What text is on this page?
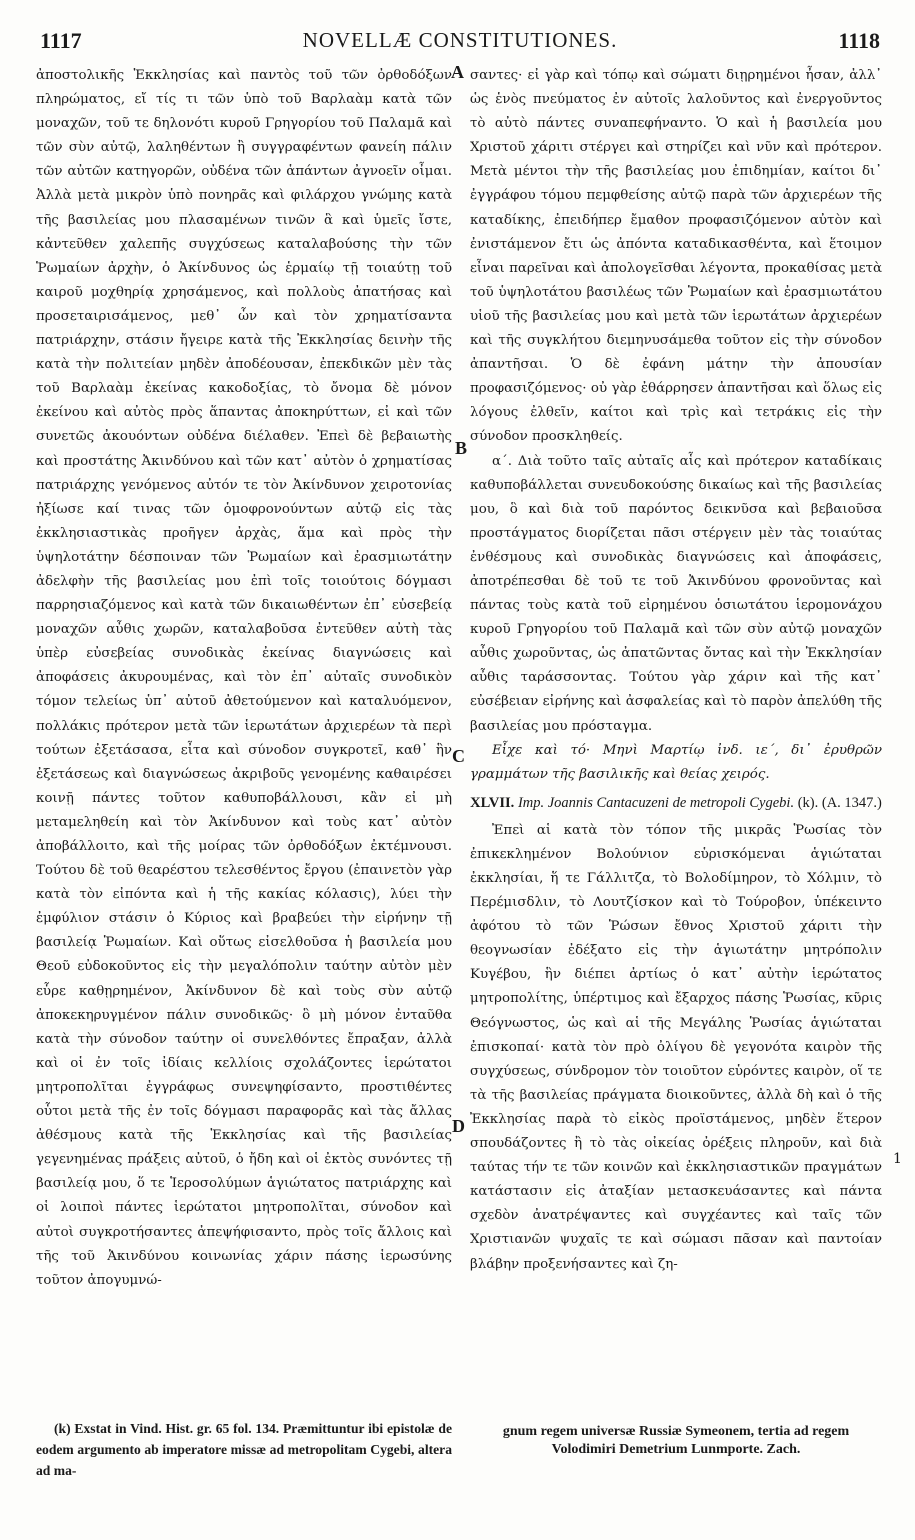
1117	NOVELLÆ CONSTITUTIONES.	1118
A
B
C
D

ἀποστολικῆς Ἐκκλησίας καὶ παντὸς τοῦ τῶν ὀρθοδόξων πληρώματος, εἴ τίς τι τῶν ὑπὸ τοῦ Βαρλαὰμ κατὰ τῶν μοναχῶν, τοῦ τε δηλονότι κυροῦ Γρηγορίου τοῦ Παλαμᾶ καὶ τῶν σὺν αὐτῷ, λαληθέντων ἢ συγγραφέντων φανείη πάλιν τῶν αὐτῶν κατηγορῶν, οὐδένα τῶν ἁπάντων ἀγνοεῖν οἶμαι. Ἀλλὰ μετὰ μικρὸν ὑπὸ πονηρᾶς καὶ φιλάρχου γνώμης κατὰ τῆς βασιλείας μου πλασαμένων τινῶν ἃ καὶ ὑμεῖς ἴστε, κἀντεῦθεν χαλεπῆς συγχύσεως καταλαβούσης τὴν τῶν Ῥωμαίων ἀρχὴν, ὁ Ἀκίνδυνος ὡς ἑρμαίῳ τῇ τοιαύτῃ τοῦ καιροῦ μοχθηρίᾳ χρησάμενος, καὶ πολλοὺς ἀπατήσας καὶ προσεταιρισάμενος, μεθ᾽ ὧν καὶ τὸν χρηματίσαντα πατριάρχην, στάσιν ἤγειρε κατὰ τῆς Ἐκκλησίας δεινὴν τῆς κατὰ τὴν πολιτείαν μηδὲν ἀποδέουσαν, ἐπεκδικῶν μὲν τὰς τοῦ Βαρλαὰμ ἐκείνας κακοδοξίας, τὸ ὄνομα δὲ μόνον ἐκείνου καὶ αὐτὸς πρὸς ἅπαντας ἀποκηρύττων, εἰ καὶ τῶν συνετῶς ἀκουόντων οὐδένα διέλαθεν. Ἐπεὶ δὲ βεβαιωτὴς καὶ προστάτης Ἀκινδύνου καὶ τῶν κατ᾽ αὐτὸν ὁ χρηματίσας πατριάρχης γενόμενος αὐτόν τε τὸν Ἀκίνδυνον χειροτονίας ἠξίωσε καί τινας τῶν ὁμοφρονούντων αὐτῷ εἰς τὰς ἐκκλησιαστικὰς προῆγεν ἀρχὰς, ἅμα καὶ πρὸς τὴν ὑψηλοτάτην δέσποιναν τῶν Ῥωμαίων καὶ ἐρασμιωτάτην ἀδελφὴν τῆς βασιλείας μου ἐπὶ τοῖς τοιούτοις δόγμασι παρρησιαζόμενος καὶ κατὰ τῶν δικαιωθέντων ἐπ᾽ εὐσεβείᾳ μοναχῶν αὖθις χωρῶν, καταλαβοῦσα ἐντεῦθεν αὐτὴ τὰς ὑπὲρ εὐσεβείας συνοδικὰς ἐκείνας διαγνώσεις καὶ ἀποφάσεις ἀκυρουμένας, καὶ τὸν ἐπ᾽ αὐταῖς συνοδικὸν τόμον τελείως ὑπ᾽ αὐτοῦ ἀθετούμενον καὶ καταλυόμενον, πολλάκις πρότερον μετὰ τῶν ἱερωτάτων ἀρχιερέων τὰ περὶ τούτων ἐξετάσασα, εἶτα καὶ σύνοδον συγκροτεῖ, καθ᾽ ἣν ἐξετάσεως καὶ διαγνώσεως ἀκριβοῦς γενομένης καθαιρέσει κοινῇ πάντες τοῦτον καθυποβάλλουσι, κἂν εἰ μὴ μεταμεληθείη καὶ τὸν Ἀκίνδυνον καὶ τοὺς κατ᾽ αὐτὸν ἀποβάλλοιτο, καὶ τῆς μοίρας τῶν ὀρθοδόξων ἐκτέμνουσι. Τούτου δὲ τοῦ θεαρέστου τελεσθέντος ἔργου (ἐπαινετὸν γὰρ κατὰ τὸν εἰπόντα καὶ ἡ τῆς κακίας κόλασις), λύει τὴν ἐμφύλιον στάσιν ὁ Κύριος καὶ βραβεύει τὴν εἰρήνην τῇ βασιλείᾳ Ῥωμαίων. Καὶ οὕτως εἰσελθοῦσα ἡ βασιλεία μου Θεοῦ εὐδοκοῦντος εἰς τὴν μεγαλόπολιν ταύτην αὐτὸν μὲν εὗρε καθῃρημένον, Ἀκίνδυνον δὲ καὶ τοὺς σὺν αὐτῷ ἀποκεκηρυγμένον πάλιν συνοδικῶς· ὃ μὴ μόνον ἐνταῦθα κατὰ τὴν σύνοδον ταύτην οἱ συνελθόντες ἔπραξαν, ἀλλὰ καὶ οἱ ἐν τοῖς ἰδίαις κελλίοις σχολάζοντες ἱερώτατοι μητροπολῖται ἐγγράφως συνεψηφίσαντο, προστιθέντες οὗτοι μετὰ τῆς ἐν τοῖς δόγμασι παραφορᾶς καὶ τὰς ἄλλας ἀθέσμους κατὰ τῆς Ἐκκλησίας καὶ τῆς βασιλείας γεγενημένας πράξεις αὐτοῦ, ὁ ἤδη καὶ οἱ ἐκτὸς συνόντες τῇ βασιλείᾳ μου, ὅ τε Ἱεροσολύμων ἁγιώτατος πατριάρχης καὶ οἱ λοιποὶ πάντες ἱερώτατοι μητροπολῖται, σύνοδον καὶ αὐτοὶ συγκροτήσαντες ἀπεψήφισαντο, πρὸς τοῖς ἄλλοις καὶ τῆς τοῦ Ἀκινδύνου κοινωνίας χάριν πάσης ἱερωσύνης τοῦτον ἀπογυμνώ-

(k) Exstat in Vind. Hist. gr. 65 fol. 134. Præmittuntur ibi epistolæ de eodem argumento ab imperatore missæ ad metropolitam Cygebi, altera ad ma-

σαντες· εἰ γὰρ καὶ τόπῳ καὶ σώματι διῃρημένοι ἦσαν, ἀλλ᾽ ὡς ἑνὸς πνεύματος ἐν αὐτοῖς λαλοῦντος καὶ ἐνεργοῦντος τὸ αὐτὸ πάντες συναπεφήναντο. Ὁ καὶ ἡ βασιλεία μου Χριστοῦ χάριτι στέργει καὶ στηρίζει καὶ νῦν καὶ πρότερον. Μετὰ μέντοι τὴν τῆς βασιλείας μου ἐπιδημίαν, καίτοι δι᾽ ἐγγράφου τόμου πεμφθείσης αὐτῷ παρὰ τῶν ἀρχιερέων τῆς καταδίκης, ἐπειδήπερ ἔμαθον προφασιζόμενον αὐτὸν καὶ ἐνιστάμενον ἔτι ὡς ἀπόντα καταδικασθέντα, καὶ ἕτοιμον εἶναι παρεῖναι καὶ ἀπολογεῖσθαι λέγοντα, προκαθίσας μετὰ τοῦ ὑψηλοτάτου βασιλέως τῶν Ῥωμαίων καὶ ἐρασμιωτάτου υἱοῦ τῆς βασιλείας μου καὶ μετὰ τῶν ἱερωτάτων ἀρχιερέων καὶ τῆς συγκλήτου διεμηνυσάμεθα τοῦτον εἰς τὴν σύνοδον ἀπαντῆσαι. Ὁ δὲ ἐφάνη μάτην τὴν ἀπουσίαν προφασιζόμενος· οὐ γὰρ ἐθάρρησεν ἀπαντῆσαι καὶ ὅλως εἰς λόγους ἐλθεῖν, καίτοι καὶ τρὶς καὶ τετράκις εἰς τὴν σύνοδον προσκληθείς.

α΄. Διὰ τοῦτο ταῖς αὐταῖς αἷς καὶ πρότερον καταδίκαις καθυποβάλλεται συνευδοκούσης δικαίως καὶ τῆς βασιλείας μου, ὃ καὶ διὰ τοῦ παρόντος δεικνῦσα καὶ βεβαιοῦσα προστάγματος διορίζεται πᾶσι στέργειν μὲν τὰς τοιαύτας ἐνθέσμους καὶ συνοδικὰς διαγνώσεις καὶ ἀποφάσεις, ἀποτρέπεσθαι δὲ τοῦ τε τοῦ Ἀκινδύνου φρονοῦντας καὶ πάντας τοὺς κατὰ τοῦ εἰρημένου ὁσιωτάτου ἱερομονάχου κυροῦ Γρηγορίου τοῦ Παλαμᾶ καὶ τῶν σὺν αὐτῷ μοναχῶν αὖθις χωροῦντας, ὡς ἀπατῶντας ὄντας καὶ τὴν Ἐκκλησίαν αὖθις ταράσσοντας. Τούτου γὰρ χάριν καὶ τῆς κατ᾽ εὐσέβειαν εἰρήνης καὶ ἀσφαλείας καὶ τὸ παρὸν ἀπελύθη τῆς βασιλείας μου πρόσταγμα.

Εἶχε καὶ τό· Μηνὶ Μαρτίῳ ἰνδ. ιε΄, δι᾽ ἐρυθρῶν γραμμάτων τῆς βασιλικῆς καὶ θείας χειρός.

XLVII. Imp. Joannis Cantacuzeni de metropoli Cygebi. (k). (A. 1347.)

Ἐπεὶ αἱ κατὰ τὸν τόπον τῆς μικρᾶς Ῥωσίας τὸν ἐπικεκλημένον Βολούνιον εὑρισκόμεναι ἁγιώταται ἐκκλησίαι, ἥ τε Γάλλιτζα, τὸ Βολοδίμηρον, τὸ Χόλμιν, τὸ Περέμισδλιν, τὸ Λουτζίσκον καὶ τὸ Τούροβον, ὑπέκειντο ἀφότου τὸ τῶν Ῥώσων ἔθνος Χριστοῦ χάριτι τὴν θεογνωσίαν ἐδέξατο εἰς τὴν ἁγιωτάτην μητρόπολιν Κυγέβου, ἣν διέπει ἀρτίως ὁ κατ᾽ αὐτὴν ἱερώτατος μητροπολίτης, ὑπέρτιμος καὶ ἔξαρχος πάσης Ῥωσίας, κῦρις Θεόγνωστος, ὡς καὶ αἱ τῆς Μεγάλης Ῥωσίας ἁγιώταται ἐπισκοπαί· κατὰ τὸν πρὸ ὀλίγου δὲ γεγονότα καιρὸν τῆς συγχύσεως, σύνδρομον τὸν τοιοῦτον εὑρόντες καιρὸν, οἵ τε τὰ τῆς βασιλείας πράγματα διοικοῦντες, ἀλλὰ δὴ καὶ ὁ τῆς Ἐκκλησίας παρὰ τὸ εἰκὸς προϊστάμενος, μηδὲν ἕτερον σπουδάζοντες ἢ τὸ τὰς οἰκείας ὀρέξεις πληροῦν, καὶ διὰ ταύτας τήν τε τῶν κοινῶν καὶ ἐκκλησιαστικῶν πραγμάτων κατάστασιν εἰς ἀταξίαν μετασκευάσαντες καὶ πάντα σχεδὸν ἀνατρέψαντες καὶ συγχέαντες καὶ ταῖς τῶν Χριστιανῶν ψυχαῖς τε καὶ σώμασι πᾶσαν καὶ παντοίαν βλάβην προξενήσαντες καὶ ζη-

gnum regem universæ Russiæ Symeonem, tertia ad regem Volodimiri Demetrium Lunmporte. Zach.
1
